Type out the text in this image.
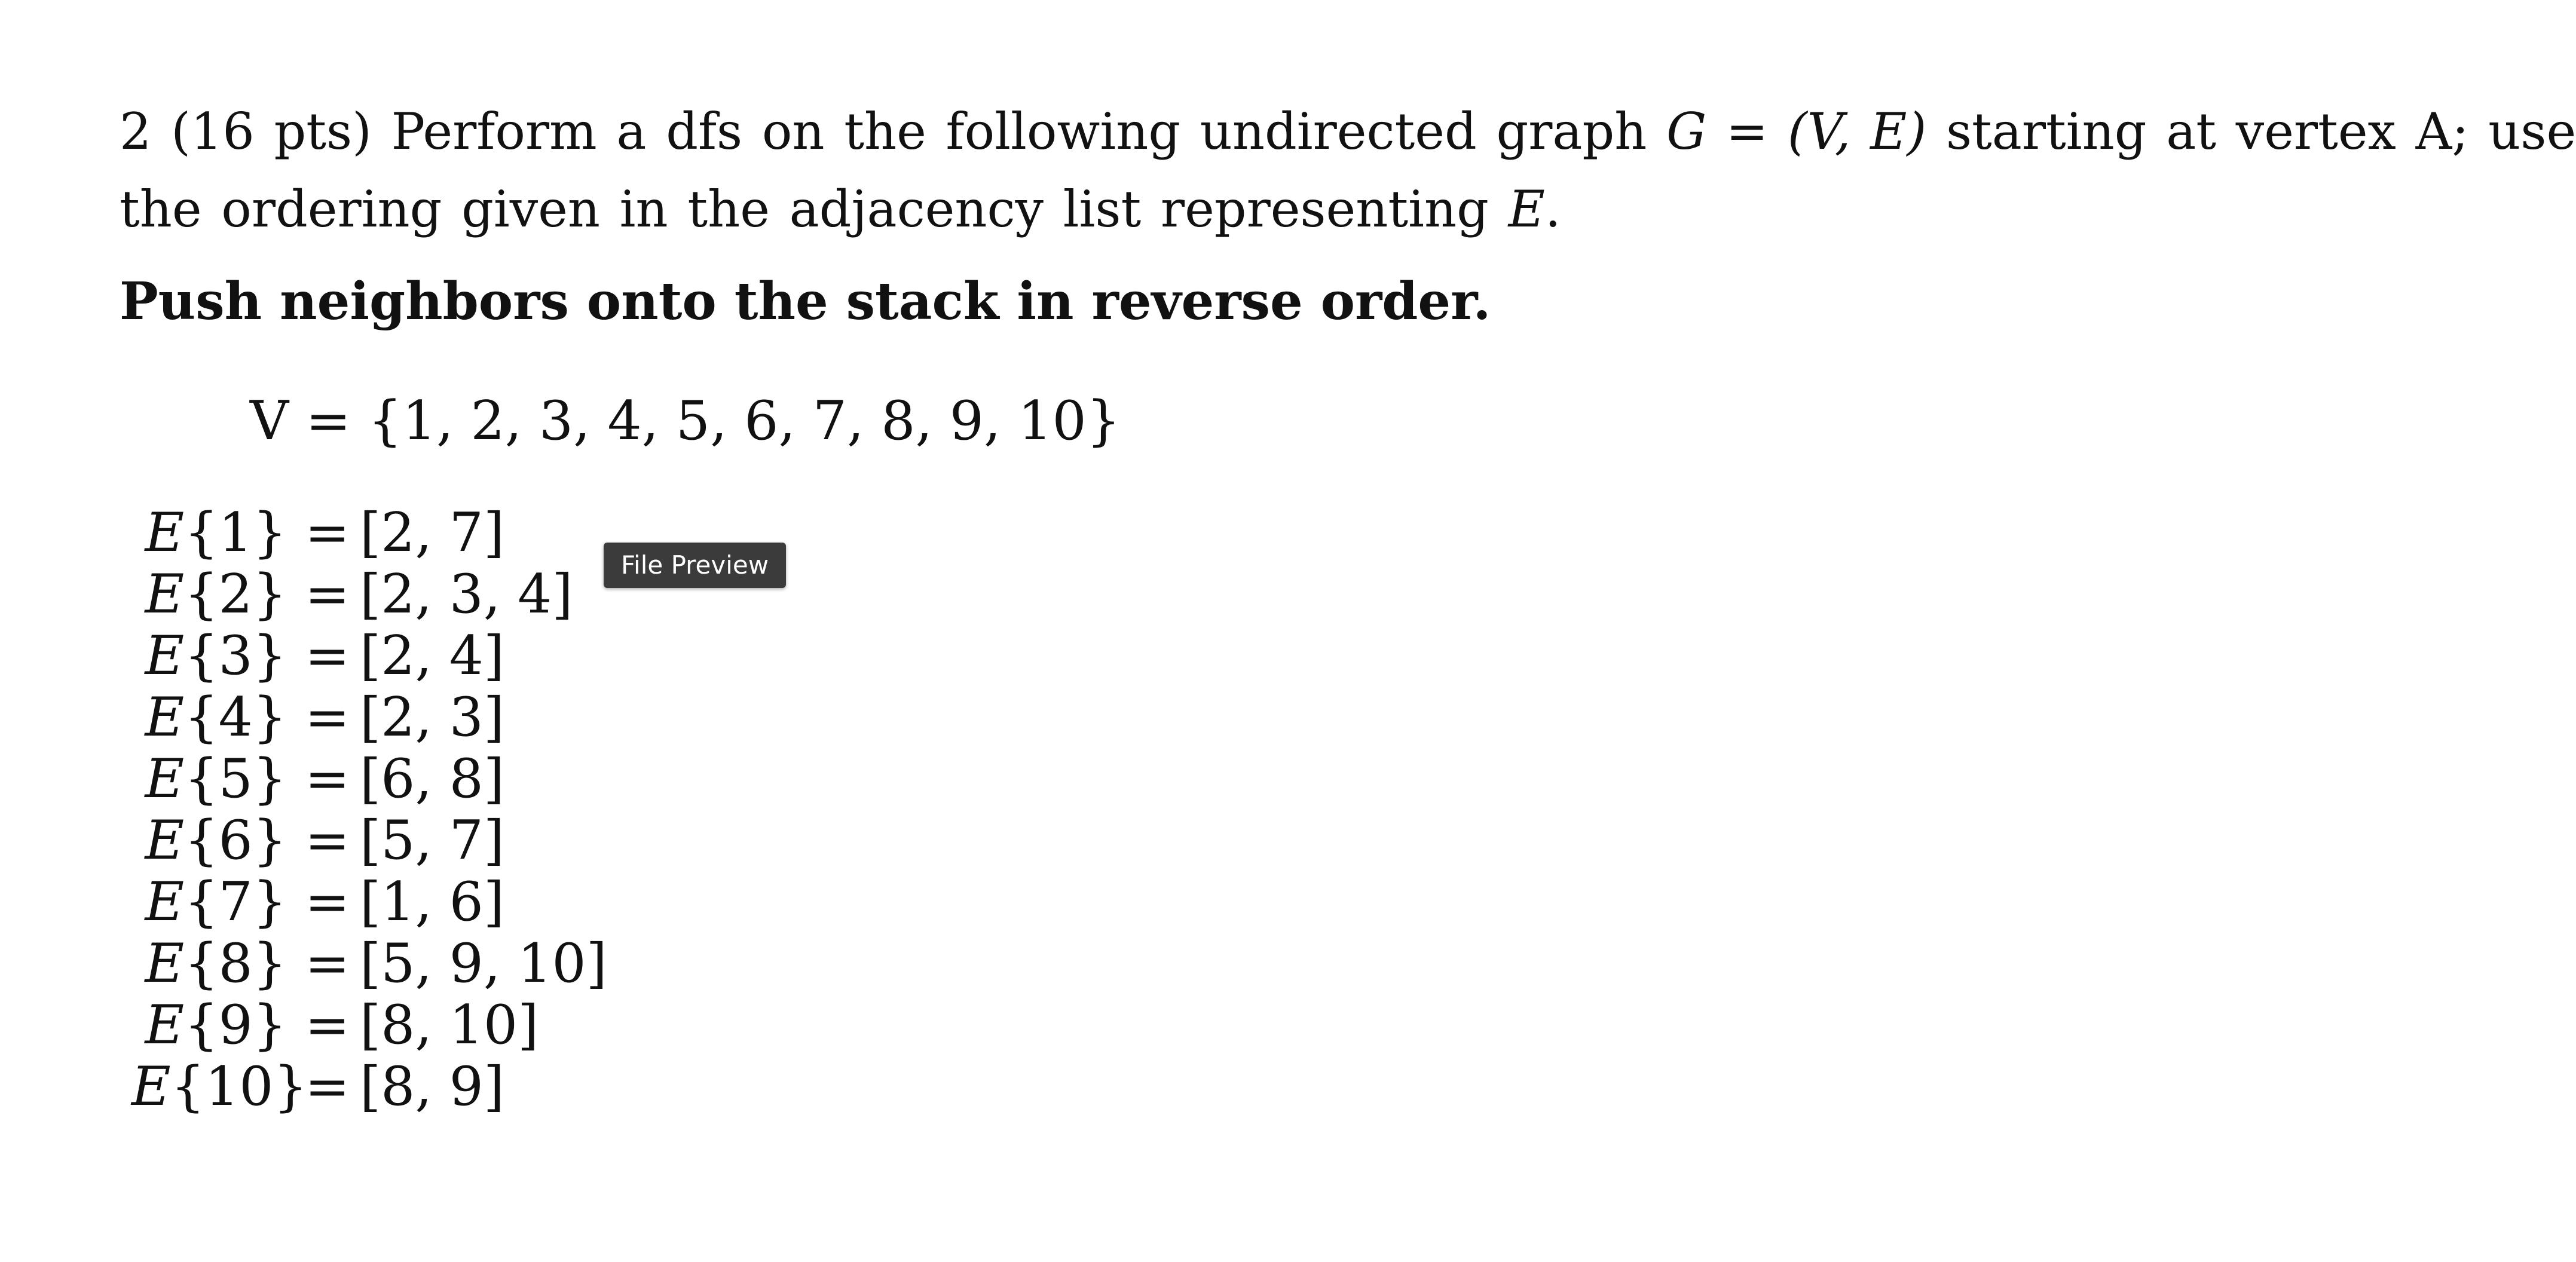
2 (16 pts) Perform a dfs on the following undirected graph G = (V, E) starting at vertex A; use
the ordering given in the adjacency list representing E.
Push neighbors onto the stack in reverse order.
V = {1, 2, 3, 4, 5, 6, 7, 8, 9, 10}
E{1} = [2, 7]
E{2} = [2, 3, 4]
E{3} = [2, 4]
E{4} = [2, 3]
E{5} = [6, 8]
E{6} = [5, 7]
E{7} = [1, 6]
E{8} = [5, 9, 10]
E{9} = [8, 10]
E{10}
= [8, 9]
File Preview
